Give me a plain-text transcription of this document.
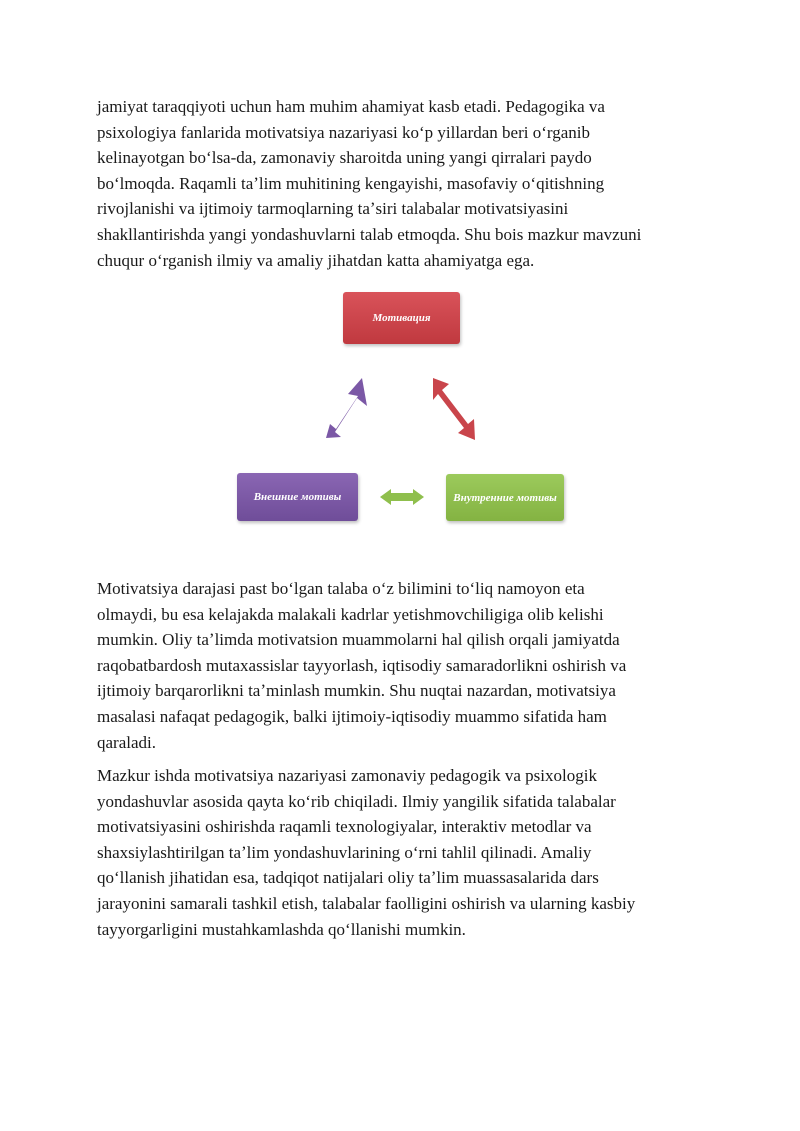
jamiyat taraqqiyoti uchun ham muhim ahamiyat kasb etadi. Pedagogika va
psixologiya fanlarida motivatsiya nazariyasi koʻp yillardan beri oʻrganib
kelinayotgan boʻlsa-da, zamonaviy sharoitda uning yangi qirralari paydo
boʻlmoqda. Raqamli taʼlim muhitining kengayishi, masofaviy oʻqitishning
rivojlanishi va ijtimoiy tarmoqlarning taʼsiri talabalar motivatsiyasini
shakllantirishda yangi yondashuvlarni talab etmoqda. Shu bois mazkur mavzuni
chuqur oʻrganish ilmiy va amaliy jihatdan katta ahamiyatga ega.
Мотивация
Внешние мотивы	Внутренние мотивы
Motivatsiya darajasi past boʻlgan talaba oʻz bilimini toʻliq namoyon eta
olmaydi, bu esa kelajakda malakali kadrlar yetishmovchiligiga olib kelishi
mumkin. Oliy taʼlimda motivatsion muammolarni hal qilish orqali jamiyatda
raqobatbardosh mutaxassislar tayyorlash, iqtisodiy samaradorlikni oshirish va
ijtimoiy barqarorlikni taʼminlash mumkin. Shu nuqtai nazardan, motivatsiya
masalasi nafaqat pedagogik, balki ijtimoiy-iqtisodiy muammo sifatida ham
qaraladi.
Mazkur ishda motivatsiya nazariyasi zamonaviy pedagogik va psixologik
yondashuvlar asosida qayta koʻrib chiqiladi. Ilmiy yangilik sifatida talabalar
motivatsiyasini oshirishda raqamli texnologiyalar, interaktiv metodlar va
shaxsiylashtirilgan taʼlim yondashuvlarining oʻrni tahlil qilinadi. Amaliy
qoʻllanish jihatidan esa, tadqiqot natijalari oliy taʼlim muassasalarida dars
jarayonini samarali tashkil etish, talabalar faolligini oshirish va ularning kasbiy
tayyorgarligini mustahkamlashda qoʻllanishi mumkin.
